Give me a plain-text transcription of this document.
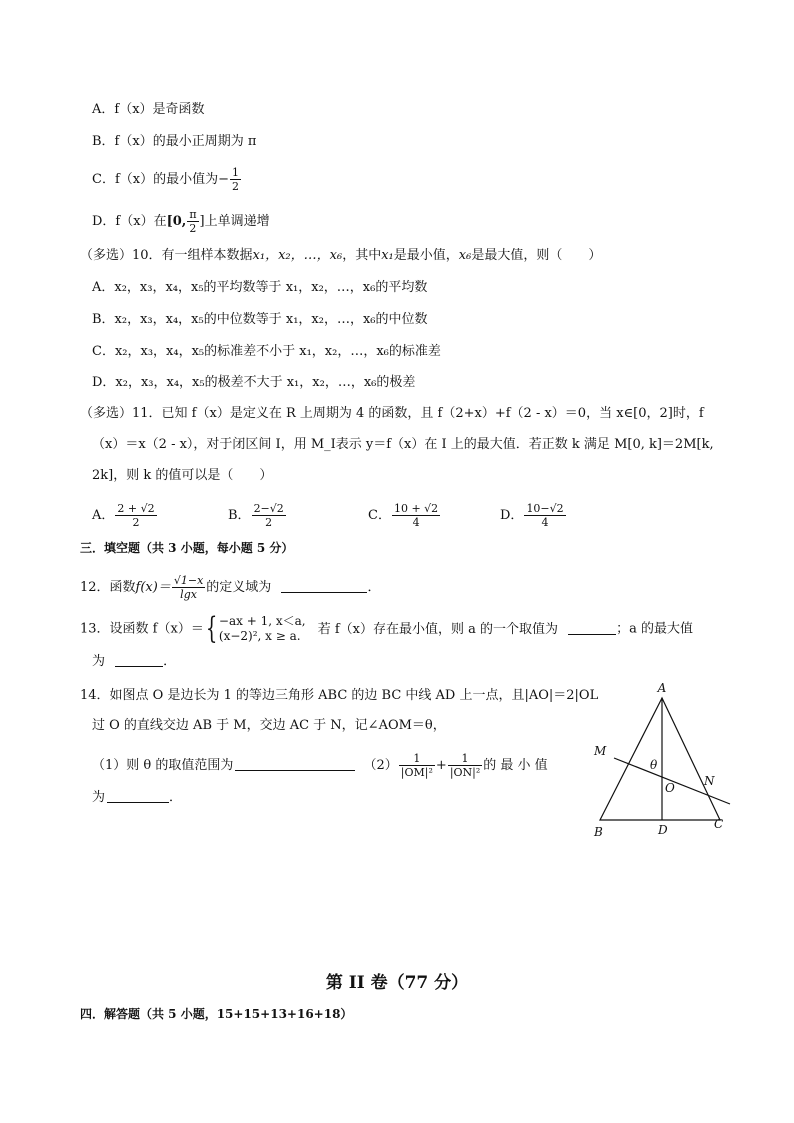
A．f（x）是奇函数
B．f（x）的最小正周期为 π
C．f（x）的最小值为− $\frac{1}{2}$
D．f（x）在[0, $\frac{\pi}{2}$ ]上单调递增
（多选）10．有一组样本数据x₁，x₂，…，x₆，其中x₁是最小值，x₆是最大值，则（　　）
A．x₂，x₃，x₄，x₅的平均数等于 x₁，x₂，…，x₆的平均数
B．x₂，x₃，x₄，x₅的中位数等于 x₁，x₂，…，x₆的中位数
C．x₂，x₃，x₄，x₅的标准差不小于 x₁，x₂，…，x₆的标准差
D．x₂，x₃，x₄，x₅的极差不大于 x₁，x₂，…，x₆的极差
（多选）11．已知 f（x）是定义在 R 上周期为 4 的函数，且 f（2+x）+f（2 - x）＝0，当 x∈[0，2]时，f
（x）＝x（2 - x），对于闭区间 I，用 M_I表示 y＝f（x）在 I 上的最大值．若正数 k 满足 M[0, k]＝2M[k,
2k]，则 k 的值可以是（　　）
A． $\frac{2 + √2}{2}$	B． $\frac{2-√2}{2}$	C． $\frac{10 + √2}{4}$	D． $\frac{10-√2}{4}$
三．填空题（共 3 小题，每小题 5 分）
12．函数$f(x)= \frac{√1-x}{\lg x}$ 的定义域为	．
13．设函数 f（x）＝{ −ax + 1, x＜a,
(x−2)², x ≥ a.	若 f（x）存在最小值，则 a 的一个取值为	；a 的最大值
为	．
14．如图点 O 是边长为 1 的等边三角形 ABC 的边 BC 中线 AD 上一点，且|AO|＝2|OL
过 O 的直线交边 AB 于 M，交边 AC 于 N，记∠AOM＝θ，
（1）则 θ 的取值范围为	$(2) \frac{1}{\text{|OM|²}} + \frac{1}{\text{|ON|²}}$ 的 最 小 值
为	．
A
B
C
D
M
N
O
θ
第 II 卷（77 分）
四．解答题（共 5 小题，15+15+13+16+18）
